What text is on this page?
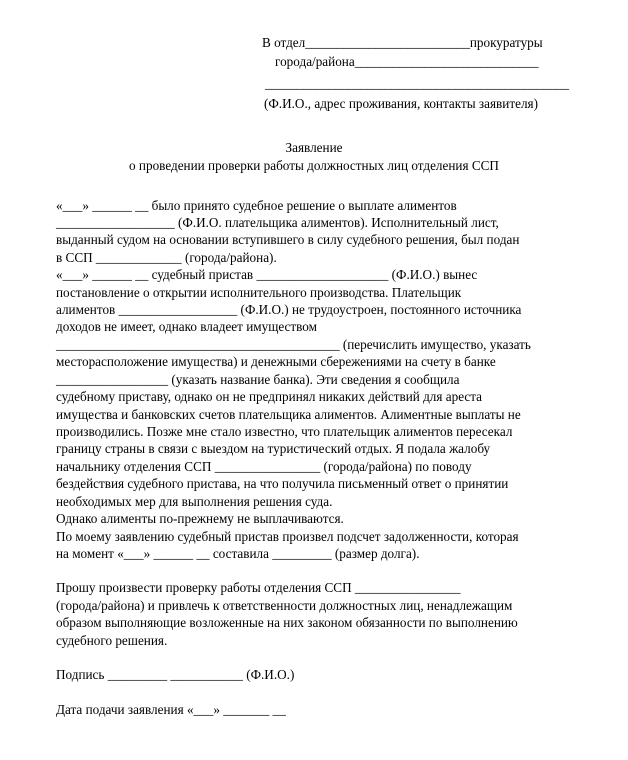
В отдел__________________________прокуратуры
города/района_____________________________
________________________________________________
(Ф.И.О., адрес проживания, контакты заявителя)
Заявление
о проведении проверки работы должностных лиц отделения ССП
«___» ______ __ было принято судебное решение о выплате алиментов
__________________ (Ф.И.О. плательщика алиментов). Исполнительный лист,
выданный судом на основании вступившего в силу судебного решения, был подан
в ССП _____________ (города/района).
«___» ______ __ судебный пристав ____________________ (Ф.И.О.) вынес
постановление о открытии исполнительного производства. Плательщик
алиментов __________________ (Ф.И.О.) не трудоустроен, постоянного источника
доходов не имеет, однако владеет имуществом
___________________________________________ (перечислить имущество, указать
месторасположение имущества) и денежными сбережениями на счету в банке
_________________ (указать название банка). Эти сведения я сообщила
судебному приставу, однако он не предпринял никаких действий для ареста
имущества и банковских счетов плательщика алиментов. Алиментные выплаты не
производились. Позже мне стало известно, что плательщик алиментов пересекал
границу страны в связи с выездом на туристический отдых. Я подала жалобу
начальнику отделения ССП ________________ (города/района) по поводу
бездействия судебного пристава, на что получила письменный ответ о принятии
необходимых мер для выполнения решения суда.
Однако алименты по-прежнему не выплачиваются.
По моему заявлению судебный пристав произвел подсчет задолженности, которая
на момент «___» ______ __ составила _________ (размер долга).
Прошу произвести проверку работы отделения ССП ________________
(города/района) и привлечь к ответственности должностных лиц, ненадлежащим
образом выполняющие возложенные на них законом обязанности по выполнению
судебного решения.
Подпись _________ ___________ (Ф.И.О.)
Дата подачи заявления «___» _______ __
